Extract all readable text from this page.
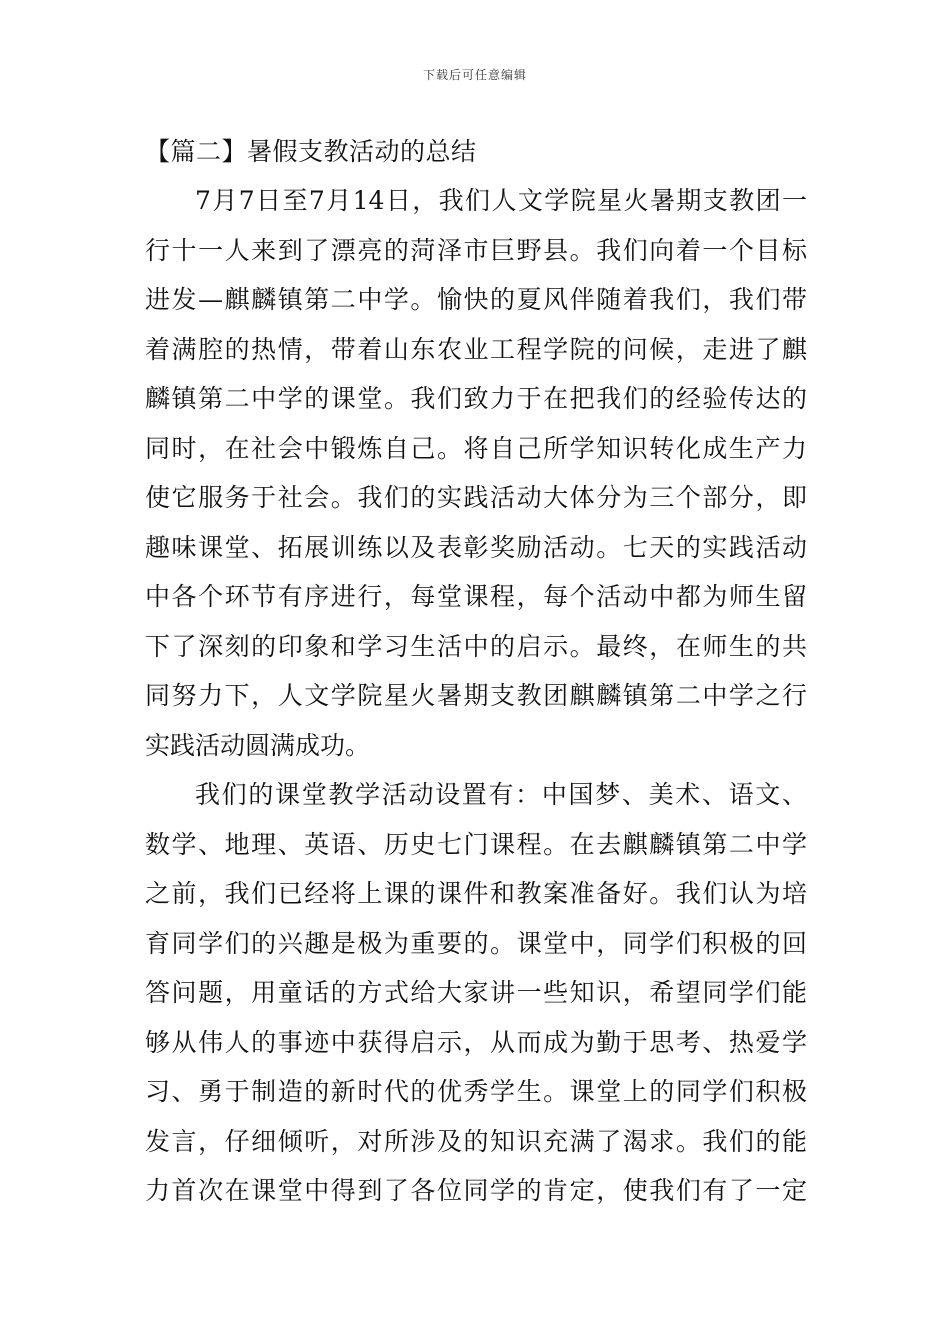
下载后可任意编辑
【篇二】暑假支教活动的总结

7月7日至7月14日，我们人文学院星火暑期支教团一
行十一人来到了漂亮的菏泽市巨野县。我们向着一个目标
进发—麒麟镇第二中学。愉快的夏风伴随着我们，我们带
着满腔的热情，带着山东农业工程学院的问候，走进了麒
麟镇第二中学的课堂。我们致力于在把我们的经验传达的
同时，在社会中锻炼自己。将自己所学知识转化成生产力
使它服务于社会。我们的实践活动大体分为三个部分，即
趣味课堂、拓展训练以及表彰奖励活动。七天的实践活动
中各个环节有序进行，每堂课程，每个活动中都为师生留
下了深刻的印象和学习生活中的启示。最终，在师生的共
同努力下，人文学院星火暑期支教团麒麟镇第二中学之行
实践活动圆满成功。

我们的课堂教学活动设置有：中国梦、美术、语文、
数学、地理、英语、历史七门课程。在去麒麟镇第二中学
之前，我们已经将上课的课件和教案准备好。我们认为培
育同学们的兴趣是极为重要的。课堂中，同学们积极的回
答问题，用童话的方式给大家讲一些知识，希望同学们能
够从伟人的事迹中获得启示，从而成为勤于思考、热爱学
习、勇于制造的新时代的优秀学生。课堂上的同学们积极
发言，仔细倾听，对所涉及的知识充满了渴求。我们的能
力首次在课堂中得到了各位同学的肯定，使我们有了一定
